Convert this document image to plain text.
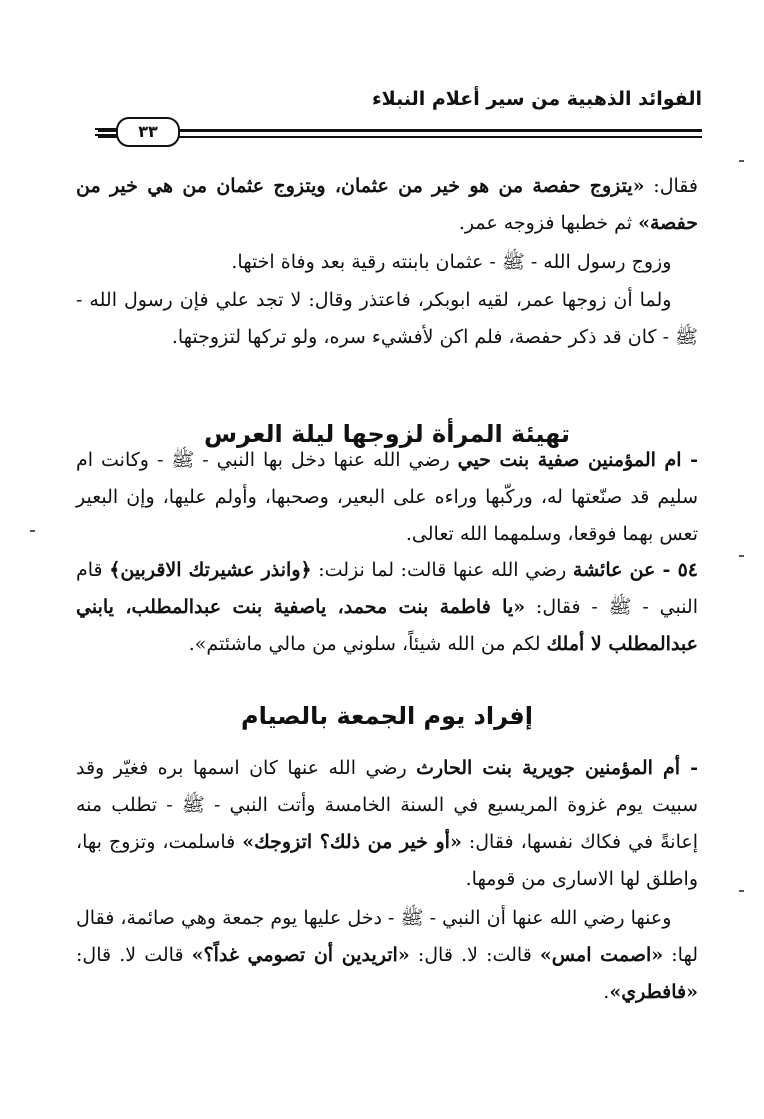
الفوائد الذهبية من سير أعلام النبلاء
٣٣
فقال: «يتزوج حفصة من هو خير من عثمان، ويتزوج عثمان من هي خير من حفصة» ثم خطبها فزوجه عمر.
وزوج رسول الله - ﷺ - عثمان بابنته رقية بعد وفاة اختها.
ولما أن زوجها عمر، لقيه ابوبكر، فاعتذر وقال: لا تجد علي فإن رسول الله - ﷺ - كان قد ذكر حفصة، فلم اكن لأفشيء سره، ولو تركها لتزوجتها.
تهيئة المرأة لزوجها ليلة العرس
- ام المؤمنين صفية بنت حيي رضي الله عنها دخل بها النبي - ﷺ - وكانت ام سليم قد صنّعتها له، وركّبها وراءه على البعير، وصحبها، وأولم عليها، وإن البعير تعس بهما فوقعا، وسلمهما الله تعالى.
٥٤ - عن عائشة رضي الله عنها قالت: لما نزلت: ﴿وانذر عشيرتك الاقربين﴾ قام النبي - ﷺ - فقال: «يا فاطمة بنت محمد، ياصفية بنت عبدالمطلب، يابني عبدالمطلب لا أملك لكم من الله شيئاً، سلوني من مالي ماشئتم».
إفراد يوم الجمعة بالصيام
- أم المؤمنين جويرية بنت الحارث رضي الله عنها كان اسمها بره فغيّر وقد سبيت يوم غزوة المريسيع في السنة الخامسة وأتت النبي - ﷺ - تطلب منه إعانةً في فكاك نفسها، فقال: «أو خير من ذلك؟ اتزوجك» فاسلمت، وتزوج بها، واطلق لها الاسارى من قومها.
وعنها رضي الله عنها أن النبي - ﷺ - دخل عليها يوم جمعة وهي صائمة، فقال لها: «اصمت امس» قالت: لا. قال: «اتريدين أن تصومي غداً؟» قالت لا. قال: «فافطري».
